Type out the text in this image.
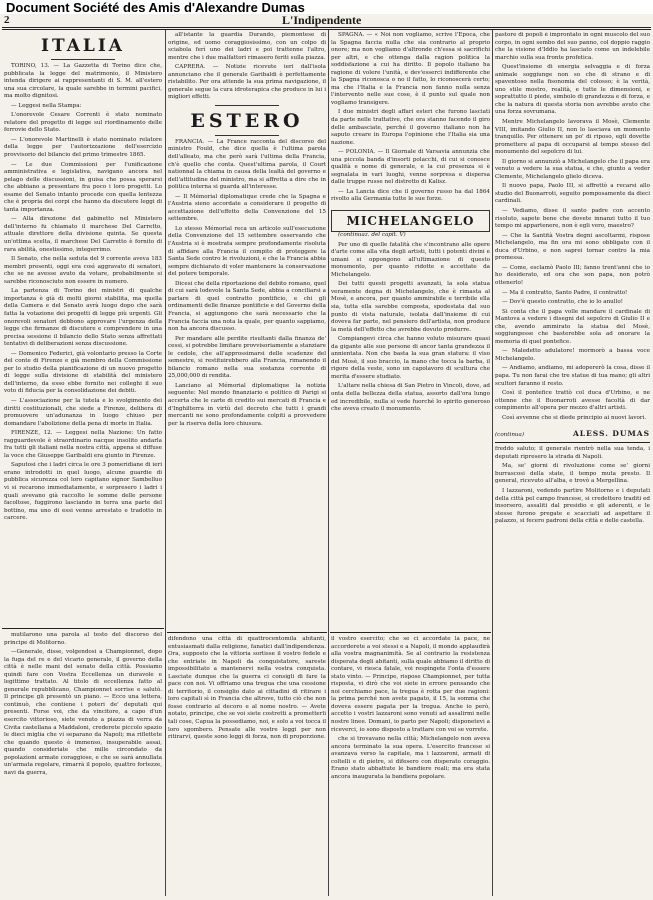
Document Société des Amis d'Alexandre Dumas
2	L'Indipendente
ITALIA

TORINO, 13. — La Gazzetta di Torino dice che, pubblicata la legge del matrimonio, il Ministero intenda dirigere ai rappresentanti di S. M. all'estero una sua circolare, la quale sarebbe in termini pacifici, ma molto dignitosi.

— Leggesi nella Stampa:

L'onorevole Cesare Correnti è stato nominato relatore del progetto di legge sul riordinamento delle ferrovie dello Stato.

— L'onorevole Martinelli è stato nominato relatore della legge per l'autorizzazione dell'esercizio provvisorio del bilancio del primo trimestre 1865.

— Le due Commissioni per l'unificazione amministrativa e legislativa, navigano ancora nel pelago delle discussioni, in guisa che possa sperarsi che abbiano a presentare fra poco i loro progetti. Lo esame del Senato intanto procede con quella lentezza che è propria dei corpi che hanno da discutere leggi di tanta importanza.

— Alla direzione del gabinetto nel Ministero dell'interno fu chiamato il marchese Del Carretto, attuale direttore della divisione quinta. Se questa un'ottima scelta, il marchese Del Carretto è fornito di rara abilità, onestissimo, integerrimo.

Il Senato, che nella seduta del 9 corrente aveva 183 membri presenti, oggi era così aggravato di senatori, che se ne avesse avuto da votare, probabilmente si sarebbe riconosciuto non essere in numero.

La partenza di Torino dei ministri di qualche importanza è già di molti giorni stabilita, ma quella della Camera e del Senato avrà luogo dopo che sarà fatta la votazione dei progetti di legge più urgenti. Gli onorevoli senatori debbono approvare l'urgenza della legge che firmanze di discutere e comprendere in una precisa sessione il bilancio dello Stato senza affrettati tentativi di deliberazioni senza discussione.

— Domenico Federici, già volontario presso la Corte del conte di Firenze e già membro della Commissione per lo studio della pianificazione di un nuovo progetto di legge sulla divisione di stabilità del ministero dell'interno, da esso ebbe fornito nei colleghi il suo voto di fiducia per la consolidazione dei debiti.

— L'associazione per la tutela e lo svolgimento dei diritti costituzionali, che siede a Firenze, delibera di promuovere un'adunanza in luogo chiuso per domandare l'abolizione della pena di morte in Italia.

FIRENZE, 12. — Leggesi nella Nazione: Un fatto ragguardevole è straordinario nacque insolito andarla fra tutti gli italiani nella nostra città, appena si diffuse la voce che Giuseppe Garibaldi era giunto in Firenze.

Saputosi che i ladri circa le ore 3 pomeridiane di ieri erano introdotti in quel luogo, alcune guardie di pubblica sicurezza col loro capitano signor Sambelluo vi si recarono immediatamente, e sorpresero i ladri i quali avevano già raccolto le somme delle persone facoltose, fuggirono lasciando in terra una parte del bottino, ma uno di essi venne arrestato e tradotto in carcere.

all'istante la guardia Durando, piemontese di origine, ed uomo coraggiosissimo, con un colpo di sciabola ferì uno dei ladri e poi trattenne l'altro, mentre che i due malfattori rimasero feriti sulla piazza.

CAPRERA. — Notizie ricevute ieri dall'isola annunciano che il generale Garibaldi è perfettamente ristabilito. Per ora attende la sua prima navigazione, il generale segue la cura idroterapica che produce in lui i migliori effetti.

ESTERO

FRANCIA. — La France racconta del discorso del ministro Fould, che dice quella è l'ultima parola dell'alleato, ma che però sarà l'ultima della Francia, ch'è quello che conta. Quest'ultima parola, il Court nationnal la chiama in causa della lealtà del governo e dell'attitudine del ministro, ma si affretta a dire che in politica interna si guarda all'interesse.

— Il Mémorial diplomatique crede che la Spagna e l'Austria sieno accordate a considerare il progetto di accettazione dell'effetto della Convenzione del 15 settembre.

Lo stesso Mémorial reca un articolo sull'esecuzione della Convenzione del 15 settembre osservando che l'Austria si è mostrata sempre profondamente risoluta di affidare alla Francia il compito di proteggere la Santa Sede contro le rivoluzioni, e che la Francia abbia sempre dichiarato di voler mantenere la conservazione del potere temporale.

Dicesi che della riportazione del debito romano, quel di cui sarà lodevole la Santa Sede, abbia a conciliarsi a parlare di quel contratto pontificio, e chi gli ordinamenti delle finanze pontificie e del Governo della Francia, si aggiungono che sarà necessario che la Francia faccia una nota la quale, per quanto sappiamo, non ha ancora discusso.

Per mandare alle perdite risultanti dalla finanza de' cessi, si potrebbe limitare provvisoriamente a stanziare le cedole, che all'approssimarsi delle scadenze del semestre, si restituirebbero alla Francia, rimanendo il bilancio romano nella sua sostanza corrente di 25,000,000 di rendita.

Lanciano al Mémorial diplomatique la notizia seguente: Nel mondo finanziario e politico di Parigi si accerta che le carte di credito sui mercati di Francia e d'Inghilterra in virtù del decreto che tutti i grandi mercanti ne sono profondamente colpiti a provvedere per la riserva della loro chiusura.

SPAGNA. — « Noi non vogliamo, scrive l'Epoca, che la Spagna faccia nulla che sia contrario al proprio onore; ma non vogliamo d'altronde ch'essa si sacrifichi per altri, e che ottenga dalla ragion politica la soddisfazione a cui ha diritto. Il popolo italiano ha ragione di volere l'unità, e dev'esserci indifferente che la Spagna riconosca o no il fatto, lo riconoscerà certo; ma che l'Italia e la Francia non fanno nulla senza l'intervento nelle sue cose, è il punto sul quale non vogliamo transigere.

I due ministri degli affari esteri che furono lasciati da parte nelle trattative, che ora stanno facendo il giro delle ambasciate, perché il governo italiano non ha saputo creare in Europa l'opinione che l'Italia sia una nazione.

— POLONIA. — Il Giornale di Varsavia annunzia che una piccola banda d'insorti polacchi, di cui si conosce qualità e nome di generale, e la cui presenza si è segnalata in vari luoghi, venne sorpresa e dispersa dalle truppe russe nel distretto di Kalisz.

— La Lancia dice che il governo russo ha dal 1864 rivolto alla Germania tutte le sue forze.

MICHELANGELO

(continuaz. del capit. V)

Per uno di quelle fatalità che s'incontrano alle opere d'arte come alla vita degli artisti, tutti i potenti divini e umani si oppongono all'ultimazione di questo monumento, per quanto ridotte e accettate da Michelangelo.

Dei tutti questi progetti avanzati, la sola statua veramente degna di Michelangelo, che è rimasta al Mosè, e ancora, per quanto ammirabile e terribile ella sia, tutta ella sarebbe composta, spodestata dal suo punto di vista naturale, isolata dall'insieme di cui doveva far parte, nel pensiero dell'artista, non produce la metà dell'effetto che avrebbe dovuto produrre.

Compiangevi circa che hanno voluto misurare quasi da gigante alle sue persone di ancor tanta grandezza il annientata. Non che basta la sua gran statura: il viso del Mosè, il suo braccio, la mano che tocca la barba, il rigore della veste, sono un capolavoro di scultura che merita d'essere studiato.

L'altare nella chiesa di San Pietro in Vincoli, dove, ad onta della bellezza della statua, assorto dall'ora lungo ed incredibile, nulla si vede fuorché lo spirito generoso che aveva creato il monumento.

pastore di popoli è improntato in ogni muscolo del suo corpo, in ogni sembo del suo panno, col doppio raggio che la visione d'Iddio ha lasciato come un indelebile marchio sulla sua fronte profetica.

Quest'insieme di energia selvaggia e di forza animale soggiunge non so che di strano e di spaventoso nella fisonomia del colosso; è la verità, uno stile mostro, realità, e tutte le dimensioni, e soprattutto il piede, simbolo di grandezza e di forza, e che la natura di questa storia non avrebbe avuto che una forza sovrumana.

Mentre Michelangelo lavorava il Mosè, Clemente VIII, imitando Giulio II, non lo lasciava un momento tranquillo. Per ottenere un po' di riposo, egli dovette promettere al papa di occuparsi al tempo stesso del monumento del sepolcro di lui.

Il giorno si annunziò a Michelangelo che il papa era venuto a vedere la sua statua, e che, giunto a veder Clemente, Michelangelo glielo diceva.

Il nuovo papa, Paolo III, si affrettò a recarsi allo studio del Buonarroti, seguito pomposamente da dieci cardinali.

— Vediamo, disse il santo padre con accento risoluto, sapete bene che dovete innanzi tutto il tuo tempo mi appartenere, non è egli vero, maestro?

— Che la Santità Vostra degni ascoltarmi, rispose Michelangelo, ma fin ora mi sono obbligato con il duca d'Urbino, e non saprei tornar contro la mia promessa.

— Come, esclamò Paolo III; fanno trent'anni che io ho desiderato, ed ora che son papa, non potrò ottenerlo!

— Ma il contratto, Santo Padre, il contratto!

— Dov'è questo contratto, che io lo anullo!

Si conta che il papa volle mandare il cardinale di Mantova a vedere i disegni del sepolcro di Giulio II e che, avendo ammirato la statua del Mosè, soggiungesse che basterebbe sola ad onorare la memoria di quel pontefice.

— Maledetto adulatore! mormorò a bassa voce Michelangelo.

— Andiamo, andiamo, mi adopererò la cosa, disse il papa. Tu non farai che tre statue di tua mano; gli altri scultori faranno il resto.

Così il pontefice trattò col duca d'Urbino, e ne ottenne che il Buonarroti avesse facoltà di dar compimento all'opera per mezzo d'altri artisti.

Così avvenne che si diede principio ai nuovi lavori.

(continua)	ALESS. DUMAS

freddo saluto; il generale rientrò nella sua tenda, i deputati ripresero la strada di Napoli.

Ma, se' giorni di rivoluzione come se' giorni burrascosi della state, il tempo muta presto. Il general, ricevuto all'alba, e trovò a Mergellina.

I lazzaroni, vedendo partire Molitorno e i deputati della città pel campo francese, si credettero traditi ed insorsero, assaliti dal presidio e gli aderenti, e le stesse furono pregate e scacciati ad aspettare il palazzo, si fecero padroni della città e delle castella.

mutilarono una parola al testo del discorso del principe di Molitorno.

—Generale, disse, volgendosi a Championnet, dopo la fuga del re e del vicario generale, il governo della città è nelle mani del senato della città. Possiamo quindi fare con Vostra Eccellenza un duravole e legittimo trattato. Al titolo di eccellenza fatto al generale repubblicano, Championnet sorrise e salutò. Il principe gli presentò un piano. — Ecco una lettera, continuò, che contiene i poteri de' deputati qui presenti. Forse voi, che da vincitore, a capo d'un esercito vittorioso, siete venuto a piazza di verra da Civita castellana a Maddaloni, crederete piccolo spazio le dieci miglia che vi separano da Napoli; ma riflettete che quando questo è immenso, insuperabile assai, quando consideriate che mille circondato da popolazioni armate coraggiose, e che se sarà annullata un'armata regolare, rimarrà il popolo, quattro fortezze, navi da guerra,

difendono una città di quattrocentomila abitanti, entusiasmati dalla religione, fanatici dall'indipendenza. Ora, supposto che la vittoria sortisse il vostro fedele e che entriate in Napoli da conquistatore, sareste impossibilitato a mantenervi nella vostra conquista. Lasciate dunque che la guerra ci consigli di fare la pace con noi. Vi offriamo una tregua che una cessione di territorio, il consiglio dato ai cittadini di ritirare i loro capitali sì in Francia che altrove, tutto ciò che non fosse contrario al decoro e al nome nostro. — Avete notato, principe, che se voi siete costretti a prometterli tali cose, Capua la possediamo, noi, e solo a voi tocca il loro sgombero. Pensate alle vostre leggi per non ritirarvi, queste sono leggi di forza, non di proporzione.

il vostro esercito; che se ci accordate la pace, ne accorderete a voi stessi e a Napoli, il mondo applaudirà alla vostra magnanimità. Se al contrario la resistenza disperata degli abitanti, sulla quale abbiamo il diritto di contare, vi riesca fatale, voi respingete l'onta d'essere stato vinto. — Principe, rispose Championnet, per tutta risposta, vi dirò che voi siete in errore pensando che noi cerchiamo pace, la tregua è rotta per due ragioni: la prima perché non avete pagato, il 15, la somma che doveva essere pagata per la tregua. Anche io però, accetto i vostri lazzaroni sono venuti ad assalirmi nelle nostre linee. Domani, io parto per Napoli; disponetevi a riceverci, io sono disposto a trattare con voi se vorrete.

che si trovavano nella città; Michelangelo non aveva ancora terminato la sua opera. L'esercito francese si avanzava verso la capitale, ma i lazzaroni, armati di coltelli e di pietre, si difesero con disperato coraggio. Erano stato abbattute le bandiere reali; ma era stata ancora inaugurata la bandiera popolare.
